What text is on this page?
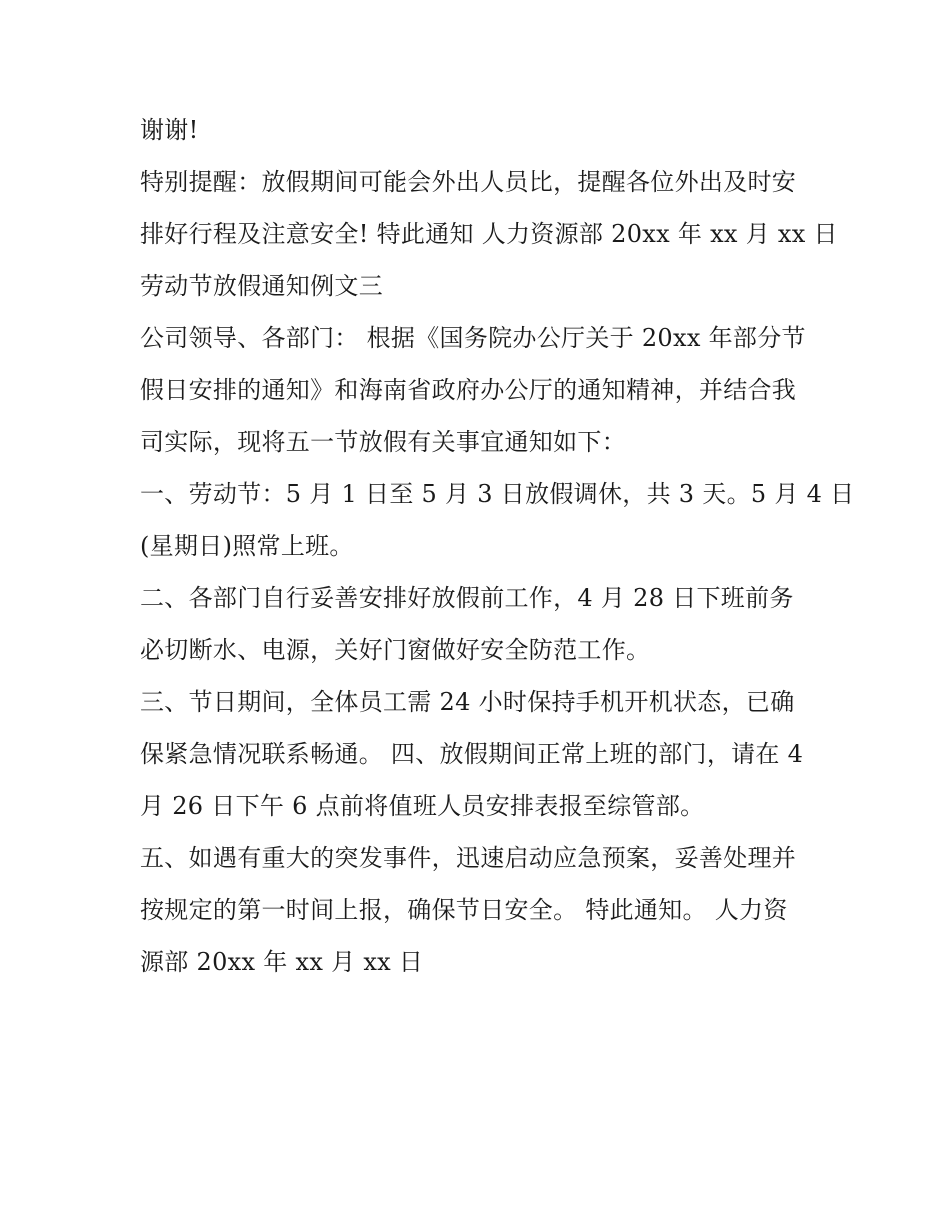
谢谢!
特别提醒：放假期间可能会外出人员比，提醒各位外出及时安
排好行程及注意安全! 特此通知 人力资源部 20xx 年 xx 月 xx 日
劳动节放假通知例文三
公司领导、各部门： 根据《国务院办公厅关于 20xx 年部分节
假日安排的通知》和海南省政府办公厅的通知精神，并结合我
司实际，现将五一节放假有关事宜通知如下：
一、劳动节：5 月 1 日至 5 月 3 日放假调休，共 3 天。5 月 4 日
(星期日)照常上班。
二、各部门自行妥善安排好放假前工作，4 月 28 日下班前务
必切断水、电源，关好门窗做好安全防范工作。
三、节日期间，全体员工需 24 小时保持手机开机状态，已确
保紧急情况联系畅通。 四、放假期间正常上班的部门，请在 4
月 26 日下午 6 点前将值班人员安排表报至综管部。
五、如遇有重大的突发事件，迅速启动应急预案，妥善处理并
按规定的第一时间上报，确保节日安全。 特此通知。 人力资
源部 20xx 年 xx 月 xx 日
